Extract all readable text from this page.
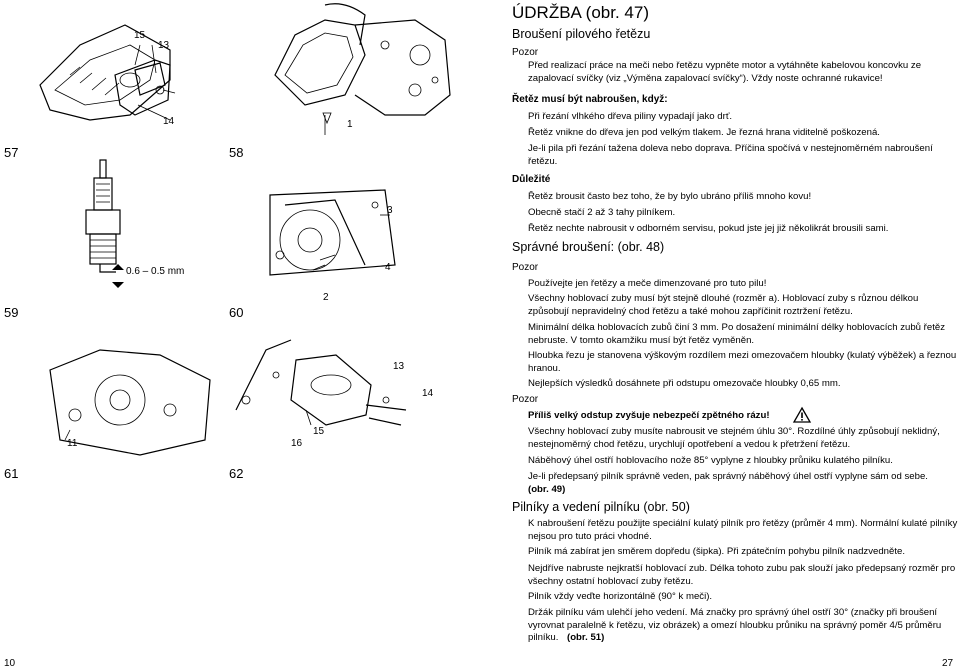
15
13
14
57
1
58
0.6 – 0.5 mm
59
3
2
4
60
11
61
13
14
15
16
62
ÚDRŽBA (obr. 47)
Broušení pilového řetězu
Pozor
Před realizací práce na meči nebo řetězu vypněte motor a vytáhněte kabelovou koncovku ze zapalovací svíčky (viz „Výměna zapalovací svíčky“). Vždy noste ochranné rukavice!
Řetěz musí být nabroušen, když:
Při řezání vlhkého dřeva piliny vypadají jako drť.
Řetěz vnikne do dřeva jen pod velkým tlakem. Je řezná hrana viditelně poškozená.
Je-li pila při řezání tažena doleva nebo doprava. Příčina spočívá v nestejnoměrném nabroušení řetězu.
Důležité
Řetěz brousit často bez toho, že by bylo ubráno příliš mnoho kovu!
Obecně stačí 2 až 3 tahy pilníkem.
Řetěz nechte nabrousit v odborném servisu, pokud jste jej již několikrát brousili sami.
Správné broušení: (obr. 48)
Pozor
Používejte jen řetězy a meče dimenzované pro tuto pilu!
Všechny hoblovací zuby musí být stejně dlouhé (rozměr a). Hoblovací zuby s různou délkou způsobují nepravidelný chod řetězu a také mohou zapříčinit roztržení řetězu.
Minimální délka hoblovacích zubů činí 3 mm. Po dosažení minimální délky hoblovacích zubů řetěz nebruste. V tomto okamžiku musí být řetěz vyměněn.
Hloubka řezu je stanovena výškovým rozdílem mezi omezovačem hloubky (kulatý výběžek) a řeznou hranou.
Nejlepších výsledků dosáhnete při odstupu omezovače hloubky 0,65 mm.
Pozor
Příliš velký odstup zvyšuje nebezpečí zpětného rázu!
Všechny hoblovací zuby musíte nabrousit ve stejném úhlu 30°. Rozdílné úhly způsobují neklidný, nestejnoměrný chod řetězu, urychlují opotřebení a vedou k přetržení řetězu.
Náběhový úhel ostří hoblovacího nože 85° vyplyne z hloubky průniku kulatého pilníku.
Je-li předepsaný pilník správně veden, pak správný náběhový úhel ostří vyplyne sám od sebe.
(obr. 49)
Pilníky a vedení pilníku (obr. 50)
K nabroušení řetězu použijte speciální kulatý pilník pro řetězy (průměr 4 mm). Normální kulaté pilníky nejsou pro tuto práci vhodné.
Pilník má zabírat jen směrem dopředu (šipka). Při zpátečním pohybu pilník nadzvedněte.
Nejdříve nabruste nejkratší hoblovací zub. Délka tohoto zubu pak slouží jako předepsaný rozměr pro všechny ostatní hoblovací zuby řetězu.
Pilník vždy veďte horizontálně (90° k meči).
Držák pilníku vám ulehčí jeho vedení. Má značky pro správný úhel ostří 30° (značky při broušení vyrovnat paralelně k řetězu, viz obrázek) a omezí hloubku průniku na správný poměr 4/5 průměru pilníku. (obr. 51)
10	27
